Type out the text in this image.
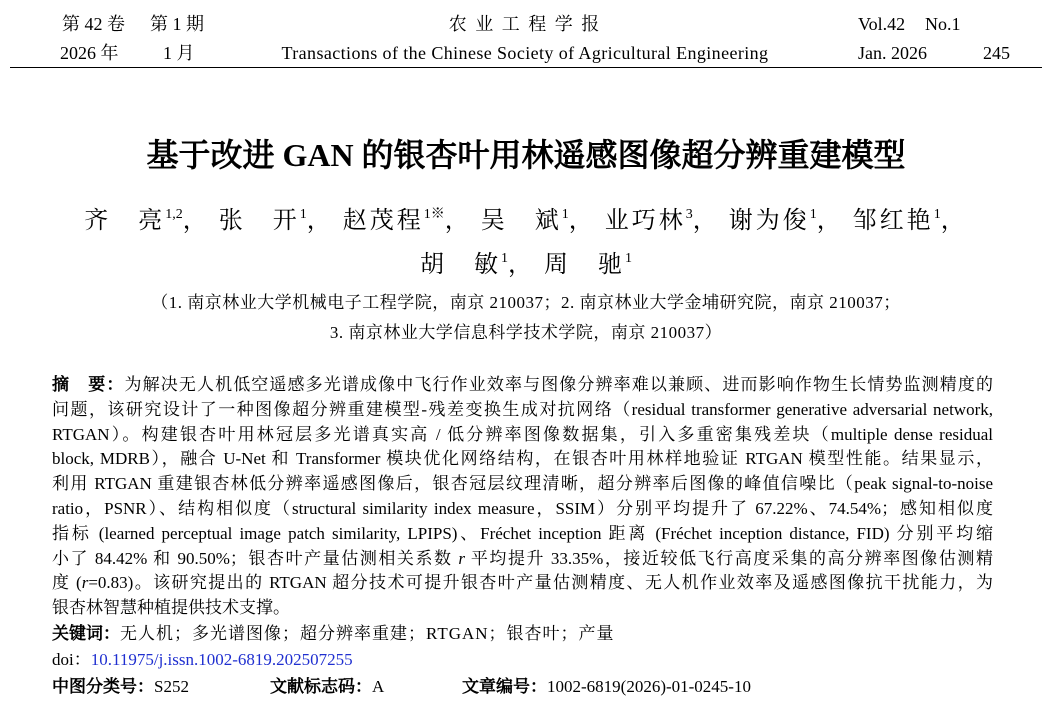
第 42 卷 第 1 期
2026 年 1 月
农 业 工 程 学 报
Transactions of the Chinese Society of Agricultural Engineering
Vol.42 No.1
Jan. 2026	245
基于改进 GAN 的银杏叶用林遥感图像超分辨重建模型
齐　亮$^{1,2}$， 张　开$^1$， 赵茂程$^{1※}$， 吴　斌$^1$， 业巧林$^3$， 谢为俊$^1$， 邹红艳$^1$，
胡　敏$^1$， 周　驰$^1$
（1. 南京林业大学机械电子工程学院，南京 210037；2. 南京林业大学金埔研究院，南京 210037；
3. 南京林业大学信息科学技术学院，南京 210037）
摘　要：为解决无人机低空遥感多光谱成像中飞行作业效率与图像分辨率难以兼顾、进而影响作物生长情势监测精度的
问题，该研究设计了一种图像超分辨重建模型-残差变换生成对抗网络（residual transformer generative adversarial network,
RTGAN）。构建银杏叶用林冠层多光谱真实高 / 低分辨率图像数据集，引入多重密集残差块（multiple dense residual
block, MDRB），融合 U-Net 和 Transformer 模块优化网络结构，在银杏叶用林样地验证 RTGAN 模型性能。结果显示，
利用 RTGAN 重建银杏林低分辨率遥感图像后，银杏冠层纹理清晰，超分辨率后图像的峰值信噪比（peak signal-to-noise
ratio，PSNR）、结构相似度（structural similarity index measure，SSIM）分别平均提升了 67.22%、74.54%；感知相似度
指标 (learned perceptual image patch similarity, LPIPS)、Fréchet inception 距离 (Fréchet inception distance, FID) 分别平均缩
小了 84.42% 和 90.50%；银杏叶产量估测相关系数 r 平均提升 33.35%，接近较低飞行高度采集的高分辨率图像估测精
度 (r=0.83)。该研究提出的 RTGAN 超分技术可提升银杏叶产量估测精度、无人机作业效率及遥感图像抗干扰能力，为
银杏林智慧种植提供技术支撑。
关键词：无人机；多光谱图像；超分辨率重建；RTGAN；银杏叶；产量
doi：10.11975/j.issn.1002-6819.202507255
中图分类号：S252	文献标志码：A	文章编号：1002-6819(2026)-01-0245-10
